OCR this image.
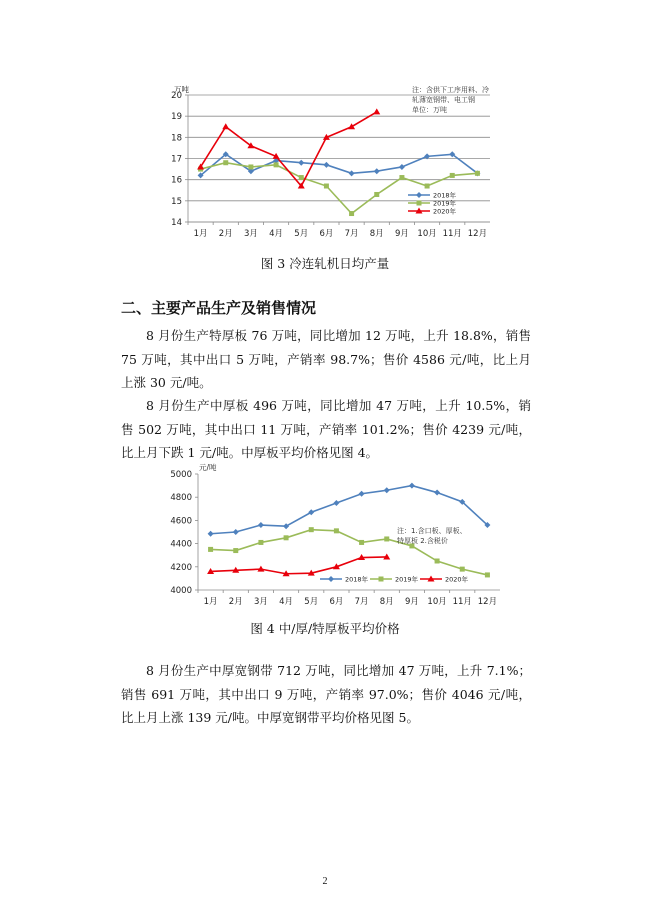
14
15
16
17
18
19
20
1月 2月 3月 4月 5月 6月 7月 8月 9月 10月 11月 12月
万吨	注：含供下工序用料、冷
轧薄宽钢带、电工钢
单位：万吨
2018年
2019年
2020年
图 3 冷连轧机日均产量
二、主要产品生产及销售情况

8 月份生产特厚板 76 万吨，同比增加 12 万吨，上升 18.8%，销售 75 万吨，其中出口 5 万吨，产销率 98.7%；售价 4586 元/吨，比上月上涨 30 元/吨。

8 月份生产中厚板 496 万吨，同比增加 47 万吨，上升 10.5%，销售 502 万吨，其中出口 11 万吨，产销率 101.2%；售价 4239 元/吨，比上月下跌 1 元/吨。中厚板平均价格见图 4。

4000
4200
4400
4600
4800
5000
1月 2月 3月 4月 5月 6月 7月 8月 9月 10月 11月 12月
元/吨
注：1.含口板、厚板、
特厚板 2.含税价
2018年	2019年	2020年
图 4 中/厚/特厚板平均价格

8 月份生产中厚宽钢带 712 万吨，同比增加 47 万吨，上升 7.1%；销售 691 万吨，其中出口 9 万吨，产销率 97.0%；售价 4046 元/吨，比上月上涨 139 元/吨。中厚宽钢带平均价格见图 5。

2
